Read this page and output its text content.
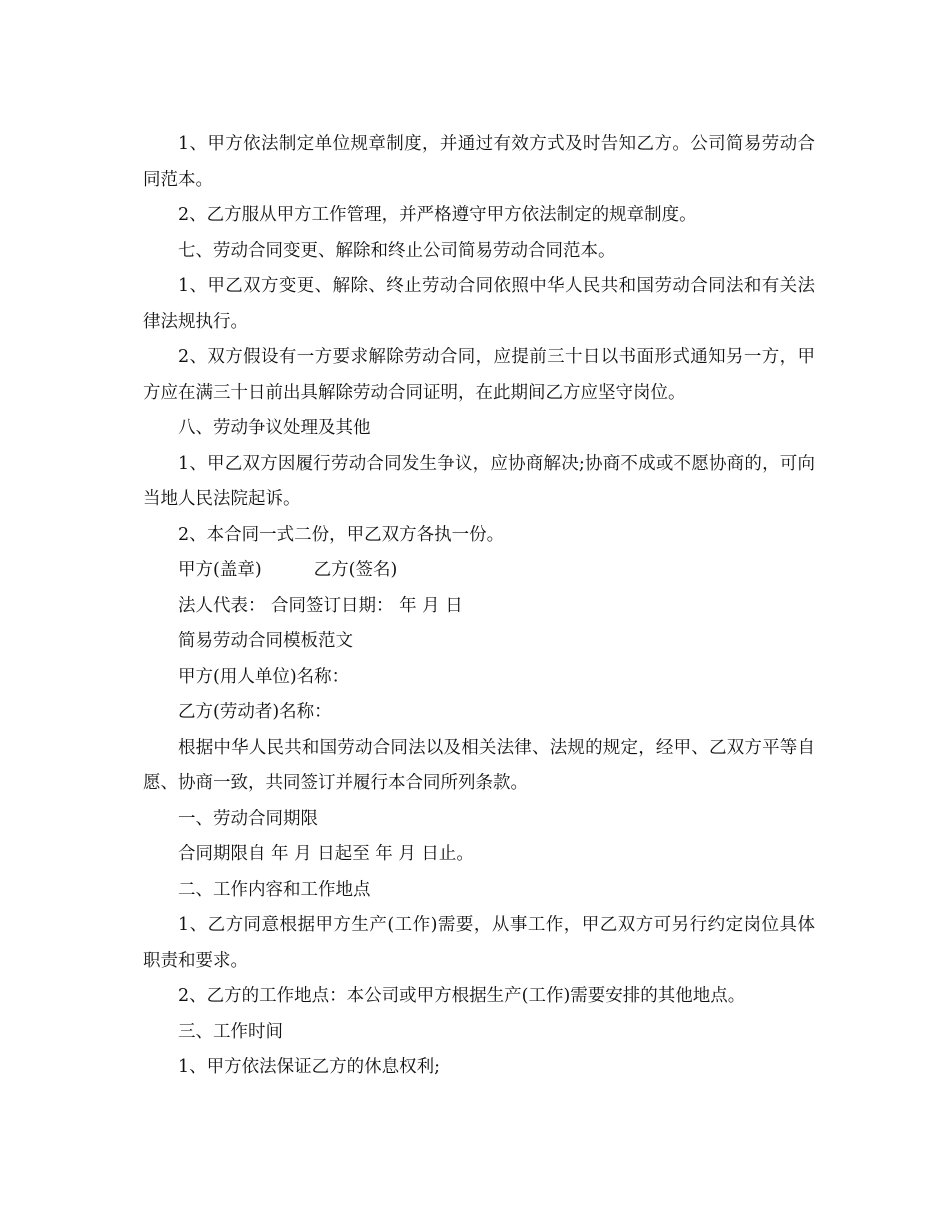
1、甲方依法制定单位规章制度，并通过有效方式及时告知乙方。公司简易劳动合同范本。

2、乙方服从甲方工作管理，并严格遵守甲方依法制定的规章制度。

七、劳动合同变更、解除和终止公司简易劳动合同范本。

1、甲乙双方变更、解除、终止劳动合同依照中华人民共和国劳动合同法和有关法律法规执行。

2、双方假设有一方要求解除劳动合同，应提前三十日以书面形式通知另一方，甲方应在满三十日前出具解除劳动合同证明，在此期间乙方应坚守岗位。

八、劳动争议处理及其他

1、甲乙双方因履行劳动合同发生争议，应协商解决;协商不成或不愿协商的，可向当地人民法院起诉。

2、本合同一式二份，甲乙双方各执一份。

甲方(盖章)	乙方(签名)

法人代表： 合同签订日期： 年 月 日

简易劳动合同模板范文

甲方(用人单位)名称：

乙方(劳动者)名称：

根据中华人民共和国劳动合同法以及相关法律、法规的规定，经甲、乙双方平等自愿、协商一致，共同签订并履行本合同所列条款。

一、劳动合同期限

合同期限自 年 月 日起至 年 月 日止。

二、工作内容和工作地点

1、乙方同意根据甲方生产(工作)需要，从事工作，甲乙双方可另行约定岗位具体职责和要求。

2、乙方的工作地点：本公司或甲方根据生产(工作)需要安排的其他地点。

三、工作时间

1、甲方依法保证乙方的休息权利;
